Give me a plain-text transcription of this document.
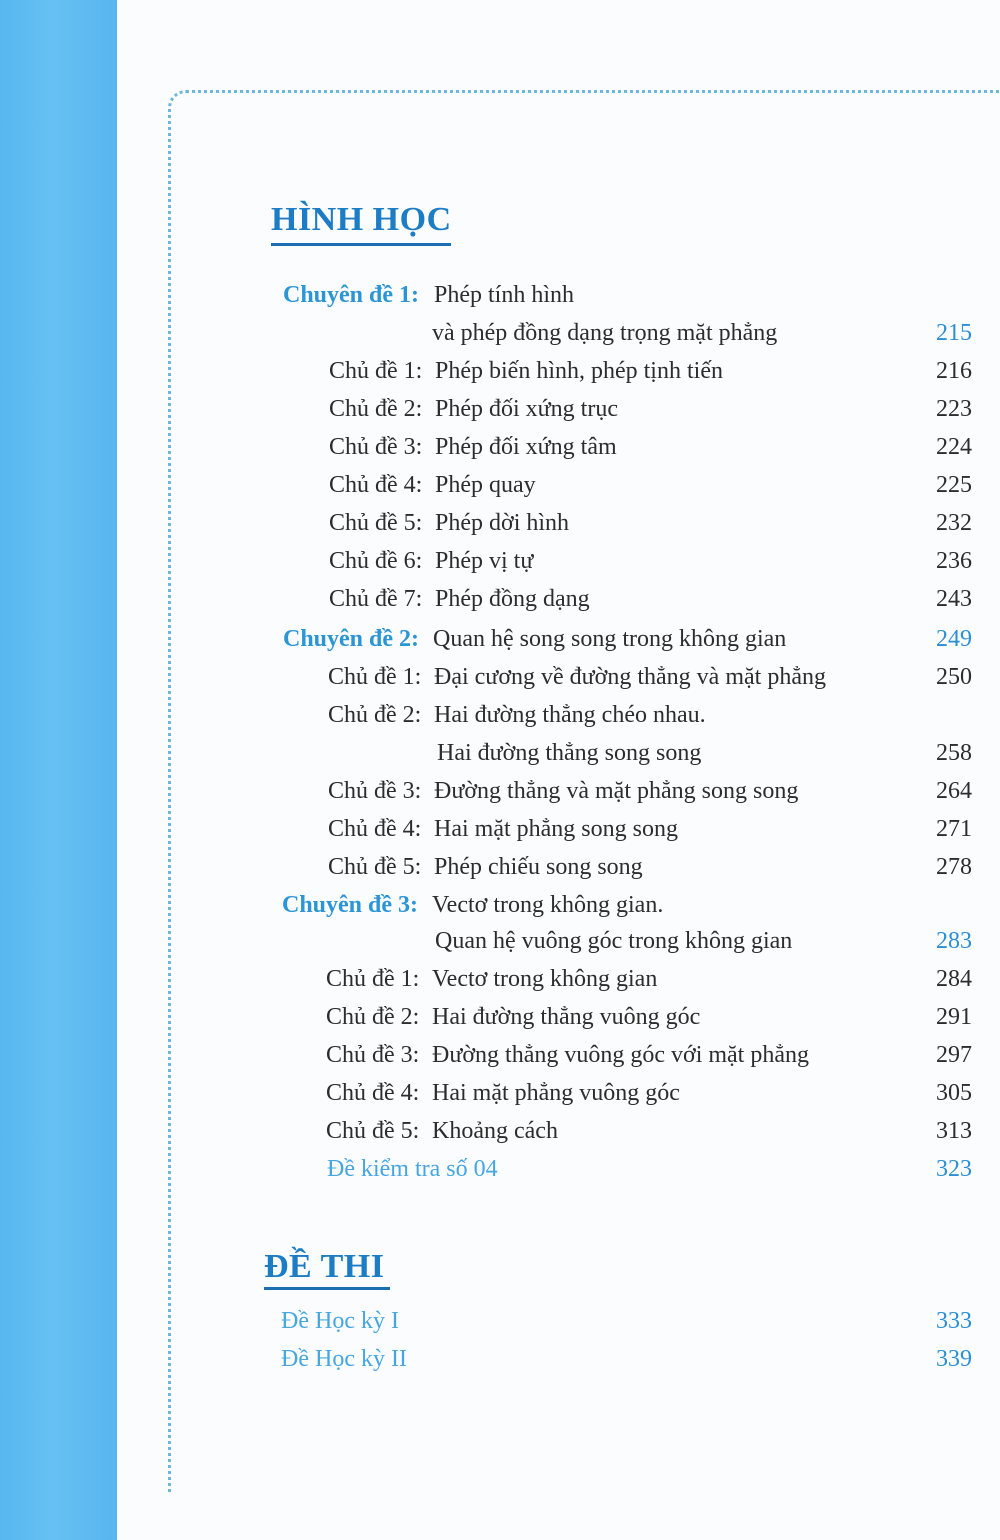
HÌNH HỌC
Chuyên đề 1: Phép tính hình
và phép đồng dạng trọng mặt phẳng	215
Chủ đề 1: Phép biến hình, phép tịnh tiến	216
Chủ đề 2: Phép đối xứng trục	223
Chủ đề 3: Phép đối xứng tâm	224
Chủ đề 4: Phép quay	225
Chủ đề 5: Phép dời hình	232
Chủ đề 6: Phép vị tự	236
Chủ đề 7: Phép đồng dạng	243
Chuyên đề 2: Quan hệ song song trong không gian	249
Chủ đề 1: Đại cương về đường thẳng và mặt phẳng	250
Chủ đề 2: Hai đường thẳng chéo nhau.
Hai đường thẳng song song	258
Chủ đề 3: Đường thẳng và mặt phẳng song song	264
Chủ đề 4: Hai mặt phẳng song song	271
Chủ đề 5: Phép chiếu song song	278
Chuyên đề 3: Vectơ trong không gian.
Quan hệ vuông góc trong không gian	283
Chủ đề 1: Vectơ trong không gian	284
Chủ đề 2: Hai đường thẳng vuông góc	291
Chủ đề 3: Đường thẳng vuông góc với mặt phẳng	297
Chủ đề 4: Hai mặt phẳng vuông góc	305
Chủ đề 5: Khoảng cách	313
Đề kiểm tra số 04	323
ĐỀ THI
Đề Học kỳ I	333
Đề Học kỳ II	339
